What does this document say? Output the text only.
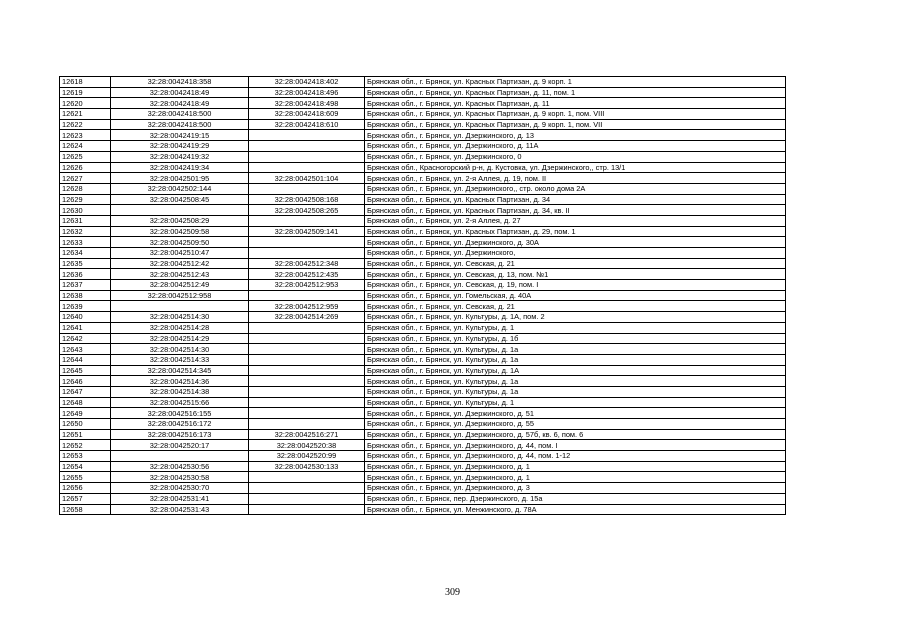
12618	32:28:0042418:358	32:28:0042418:402	Брянская обл., г. Брянск, ул. Красных Партизан, д. 9 корп. 1
12619	32:28:0042418:49	32:28:0042418:496	Брянская обл., г. Брянск, ул. Красных Партизан, д. 11, пом. 1
12620	32:28:0042418:49	32:28:0042418:498	Брянская обл., г. Брянск, ул. Красных Партизан, д. 11
12621	32:28:0042418:500	32:28:0042418:609	Брянская обл., г. Брянск, ул. Красных Партизан, д. 9 корп. 1, пом. VIII
12622	32:28:0042418:500	32:28:0042418:610	Брянская обл., г. Брянск, ул. Красных Партизан, д. 9 корп. 1, пом. VII
12623	32:28:0042419:15		Брянская обл., г. Брянск, ул. Дзержинского, д. 13
12624	32:28:0042419:29		Брянская обл., г. Брянск, ул. Дзержинского, д. 11А
12625	32:28:0042419:32		Брянская обл., г. Брянск, ул. Дзержинского, 0
12626	32:28:0042419:34		Брянская обл., Красногорский р-н, д. Кустовка, ул. Дзержинского,, стр. 13/1
12627	32:28:0042501:95	32:28:0042501:104	Брянская обл., г. Брянск, ул. 2-я Аллея, д. 19, пом. II
12628	32:28:0042502:144		Брянская обл., г. Брянск, ул. Дзержинского,, стр. около дома 2А
12629	32:28:0042508:45	32:28:0042508:168	Брянская обл., г. Брянск, ул. Красных Партизан, д. 34
12630		32:28:0042508:265	Брянская обл., г. Брянск, ул. Красных Партизан, д. 34, кв. II
12631	32:28:0042508:29		Брянская обл., г. Брянск, ул. 2-я Аллея, д. 27
12632	32:28:0042509:58	32:28:0042509:141	Брянская обл., г. Брянск, ул. Красных Партизан, д. 29, пом. 1
12633	32:28:0042509:50		Брянская обл., г. Брянск, ул. Дзержинского, д. 30А
12634	32:28:0042510:47		Брянская обл., г. Брянск, ул. Дзержинского,
12635	32:28:0042512:42	32:28:0042512:348	Брянская обл., г. Брянск, ул. Севская, д. 21
12636	32:28:0042512:43	32:28:0042512:435	Брянская обл., г. Брянск, ул. Севская, д. 13, пом. №1
12637	32:28:0042512:49	32:28:0042512:953	Брянская обл., г. Брянск, ул. Севская, д. 19, пом. I
12638	32:28:0042512:958		Брянская обл., г. Брянск, ул. Гомельская, д. 40А
12639		32:28:0042512:959	Брянская обл., г. Брянск, ул. Севская, д. 21
12640	32:28:0042514:30	32:28:0042514:269	Брянская обл., г. Брянск, ул. Культуры, д. 1А, пом. 2
12641	32:28:0042514:28		Брянская обл., г. Брянск, ул. Культуры, д. 1
12642	32:28:0042514:29		Брянская обл., г. Брянск, ул. Культуры, д. 1б
12643	32:28:0042514:30		Брянская обл., г. Брянск, ул. Культуры, д. 1а
12644	32:28:0042514:33		Брянская обл., г. Брянск, ул. Культуры, д. 1а
12645	32:28:0042514:345		Брянская обл., г. Брянск, ул. Культуры, д. 1А
12646	32:28:0042514:36		Брянская обл., г. Брянск, ул. Культуры, д. 1а
12647	32:28:0042514:38		Брянская обл., г. Брянск, ул. Культуры, д. 1а
12648	32:28:0042515:66		Брянская обл., г. Брянск, ул. Культуры, д. 1
12649	32:28:0042516:155		Брянская обл., г. Брянск, ул. Дзержинского, д. 51
12650	32:28:0042516:172		Брянская обл., г. Брянск, ул. Дзержинского, д. 55
12651	32:28:0042516:173	32:28:0042516:271	Брянская обл., г. Брянск, ул. Дзержинского, д. 57б, кв. 6, пом. 6
12652	32:28:0042520:17	32:28:0042520:38	Брянская обл., г. Брянск, ул. Дзержинского, д. 44, пом. I
12653		32:28:0042520:99	Брянская обл., г. Брянск, ул. Дзержинского, д. 44, пом. 1-12
12654	32:28:0042530:56	32:28:0042530:133	Брянская обл., г. Брянск, ул. Дзержинского, д. 1
12655	32:28:0042530:58		Брянская обл., г. Брянск, ул. Дзержинского, д. 1
12656	32:28:0042530:70		Брянская обл., г. Брянск, ул. Дзержинского, д. 3
12657	32:28:0042531:41		Брянская обл., г. Брянск, пер. Дзержинского, д. 15а
12658	32:28:0042531:43		Брянская обл., г. Брянск, ул. Менжинского, д. 78А
309
